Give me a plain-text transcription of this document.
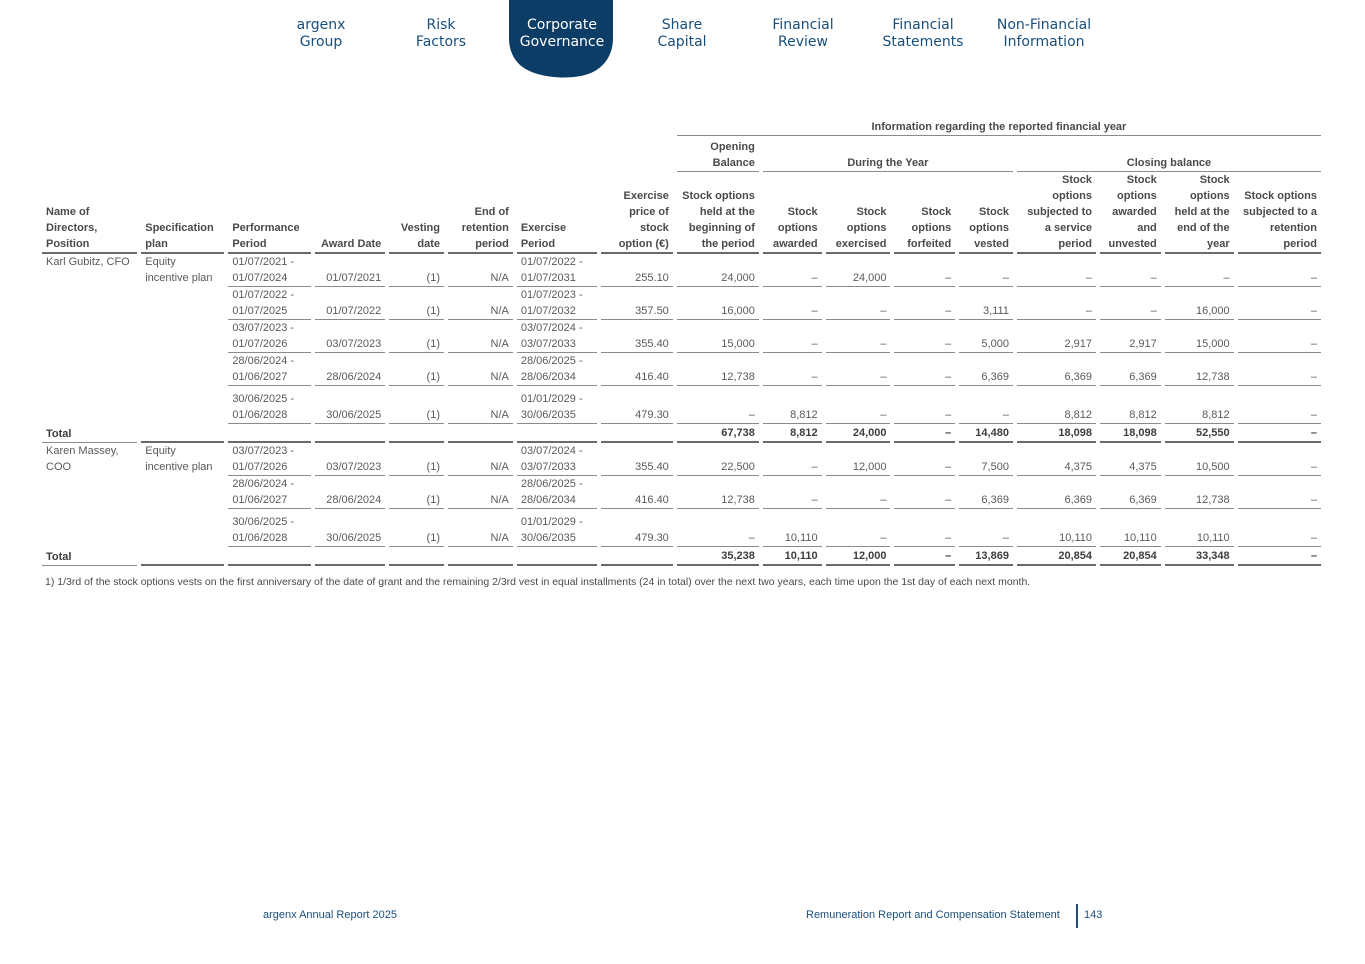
argenx
Group
Risk
Factors
Corporate
Governance
Share
Capital
Financial
Review
Financial
Statements
Non-Financial
Information
								Information regarding the reported financial year								
								Opening Balance	During the Year				Closing balance			
Name of Directors, Position	Specification plan	Performance Period	Award Date	Vesting date	End of retention period	Exercise Period	Exercise price of stock option (€)	Stock options held at the beginning of the period	Stock options awarded	Stock options exercised	Stock options forfeited	Stock options vested	Stock options subjected to a service period	Stock options awarded and unvested	Stock options held at the end of the year	Stock options subjected to a retention period
Karl Gubitz, CFO	Equity incentive plan	01/07/2021 - 01/07/2024	01/07/2021	(1)	N/A	01/07/2022 - 01/07/2031	255.10	24,000	–	24,000	–	–	–	–	–	–
		01/07/2022 - 01/07/2025	01/07/2022	(1)	N/A	01/07/2023 - 01/07/2032	357.50	16,000	–	–	–	3,111	–	–	16,000	–
		03/07/2023 - 01/07/2026	03/07/2023	(1)	N/A	03/07/2024 - 03/07/2033	355.40	15,000	–	–	–	5,000	2,917	2,917	15,000	–
		28/06/2024 - 01/06/2027	28/06/2024	(1)	N/A	28/06/2025 - 28/06/2034	416.40	12,738	–	–	–	6,369	6,369	6,369	12,738	–
		30/06/2025 - 01/06/2028	30/06/2025	(1)	N/A	01/01/2029 - 30/06/2035	479.30	–	8,812	–	–	–	8,812	8,812	8,812	–
Total								67,738	8,812	24,000	–	14,480	18,098	18,098	52,550	–
Karen Massey, COO	Equity incentive plan	03/07/2023 - 01/07/2026	03/07/2023	(1)	N/A	03/07/2024 - 03/07/2033	355.40	22,500	–	12,000	–	7,500	4,375	4,375	10,500	–
		28/06/2024 - 01/06/2027	28/06/2024	(1)	N/A	28/06/2025 - 28/06/2034	416.40	12,738	–	–	–	6,369	6,369	6,369	12,738	–
		30/06/2025 - 01/06/2028	30/06/2025	(1)	N/A	01/01/2029 - 30/06/2035	479.30	–	10,110	–	–	–	10,110	10,110	10,110	–
Total								35,238	10,110	12,000	–	13,869	20,854	20,854	33,348	–
1) 1/3rd of the stock options vests on the first anniversary of the date of grant and the remaining 2/3rd vest in equal installments (24 in total) over the next two years, each time upon the 1st day of each next month.
argenx Annual Report 2025	Remuneration Report and Compensation Statement 143
